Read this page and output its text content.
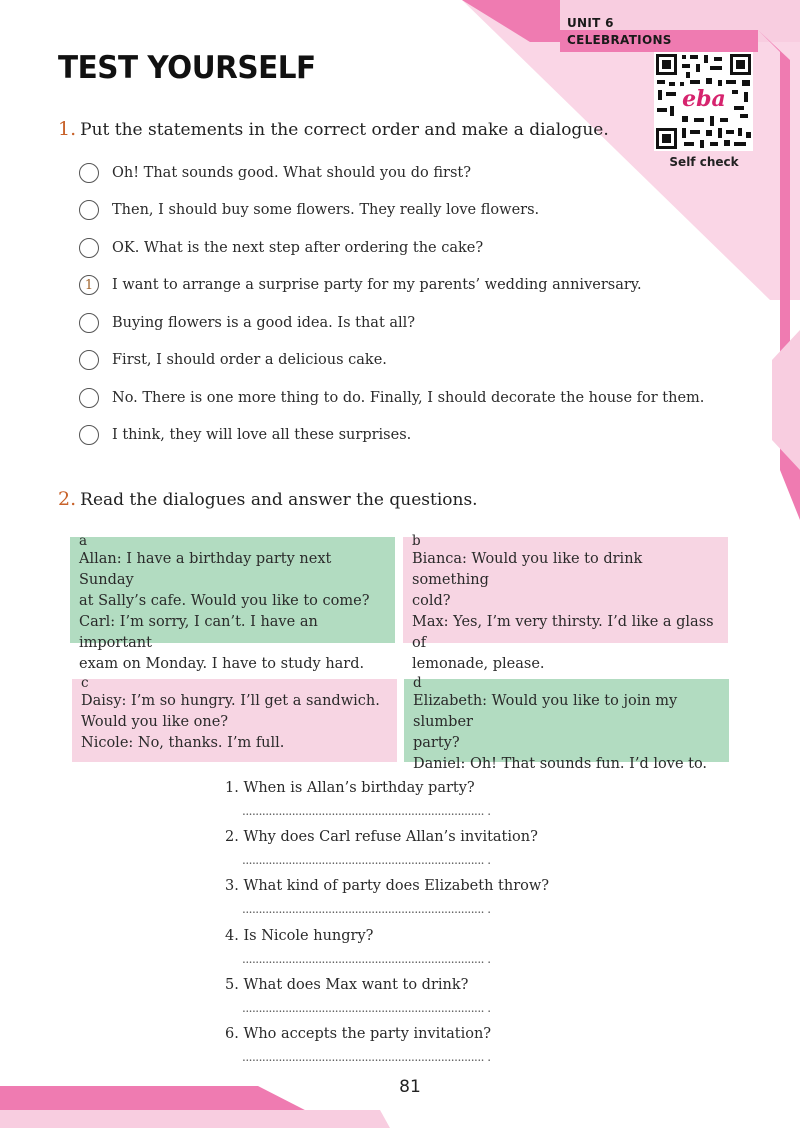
UNIT 6
CELEBRATIONS
TEST YOURSELF
eba
Self check
1. Put the statements in the correct order and make a dialogue.
Oh! That sounds good. What should you do first?
Then, I should buy some flowers. They really love flowers.
OK. What is the next step after ordering the cake?
1	I want to arrange a surprise party for my parents’ wedding anniversary.
Buying flowers is a good idea. Is that all?
First, I should order a delicious cake.
No. There is one more thing to do. Finally, I should decorate the house for them.
I think, they will love all these surprises.
2. Read the dialogues and answer the questions.
a
Allan: I have a birthday party next Sunday
at Sally’s cafe. Would you like to come?
Carl: I’m sorry, I can’t. I have an important
exam on Monday. I have to study hard.
b
Bianca: Would you like to drink something
cold?
Max: Yes, I’m very thirsty. I’d like a glass of
lemonade, please.
c
Daisy: I’m so hungry. I’ll get a sandwich.
Would you like one?
Nicole: No, thanks. I’m full.
d
Elizabeth: Would you like to join my slumber
party?
Daniel: Oh! That sounds fun. I’d love to.
1. When is Allan’s birthday party?
......................................................................... .
2. Why does Carl refuse Allan’s invitation?
......................................................................... .
3. What kind of party does Elizabeth throw?
......................................................................... .
4. Is Nicole hungry?
......................................................................... .
5. What does Max want to drink?
......................................................................... .
6. Who accepts the party invitation?
......................................................................... .
81
